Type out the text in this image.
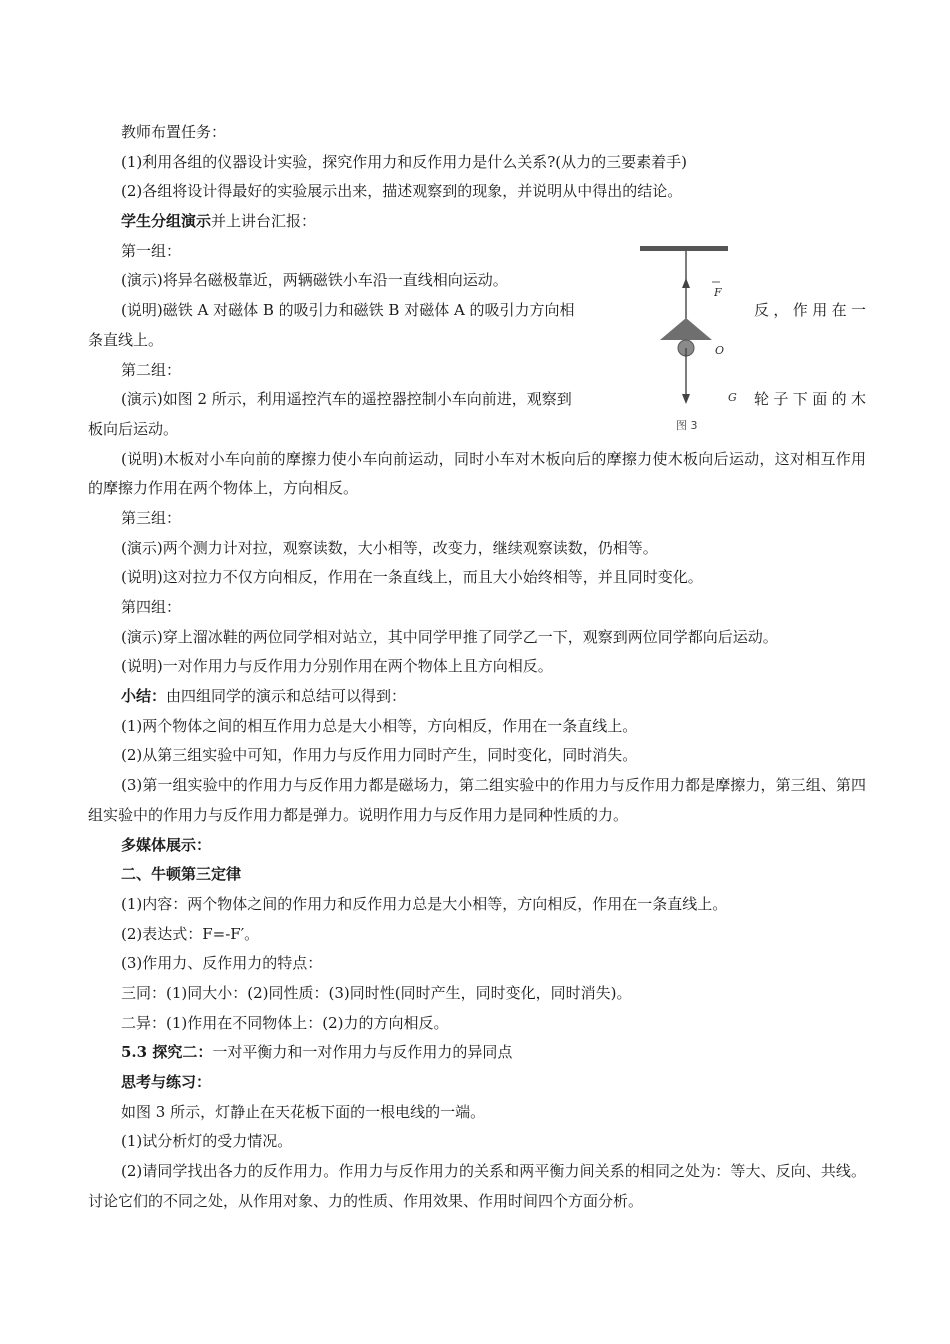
教师布置任务：
(1)利用各组的仪器设计实验，探究作用力和反作用力是什么关系?(从力的三要素着手)
(2)各组将设计得最好的实验展示出来，描述观察到的现象，并说明从中得出的结论。
学生分组演示并上讲台汇报：
第一组：
(演示)将异名磁极靠近，两辆磁铁小车沿一直线相向运动。
(说明)磁铁 A 对磁体 B 的吸引力和磁铁 B 对磁体 A 的吸引力方向相	反，作用在一
条直线上。
第二组：
(演示)如图 2 所示，利用遥控汽车的遥控器控制小车向前进，观察到	轮子下面的木
板向后运动。
(说明)木板对小车向前的摩擦力使小车向前运动，同时小车对木板向后的摩擦力使木板向后运动，这对相互作用的摩擦力作用在两个物体上，方向相反。
第三组：
(演示)两个测力计对拉，观察读数，大小相等，改变力，继续观察读数，仍相等。
(说明)这对拉力不仅方向相反，作用在一条直线上，而且大小始终相等，并且同时变化。
第四组：
(演示)穿上溜冰鞋的两位同学相对站立，其中同学甲推了同学乙一下，观察到两位同学都向后运动。
(说明)一对作用力与反作用力分别作用在两个物体上且方向相反。
小结：由四组同学的演示和总结可以得到：
(1)两个物体之间的相互作用力总是大小相等，方向相反，作用在一条直线上。
(2)从第三组实验中可知，作用力与反作用力同时产生，同时变化，同时消失。
(3)第一组实验中的作用力与反作用力都是磁场力，第二组实验中的作用力与反作用力都是摩擦力，第三组、第四组实验中的作用力与反作用力都是弹力。说明作用力与反作用力是同种性质的力。
多媒体展示：
二、牛顿第三定律
(1)内容：两个物体之间的作用力和反作用力总是大小相等，方向相反，作用在一条直线上。
(2)表达式：F=-F′。
(3)作用力、反作用力的特点：
三同：(1)同大小：(2)同性质：(3)同时性(同时产生，同时变化，同时消失)。
二异：(1)作用在不同物体上：(2)力的方向相反。
5.3 探究二：一对平衡力和一对作用力与反作用力的异同点
思考与练习：
如图 3 所示，灯静止在天花板下面的一根电线的一端。
(1)试分析灯的受力情况。
(2)请同学找出各力的反作用力。作用力与反作用力的关系和两平衡力间关系的相同之处为：等大、反向、共线。讨论它们的不同之处，从作用对象、力的性质、作用效果、作用时间四个方面分析。
F
O
G
图 3
